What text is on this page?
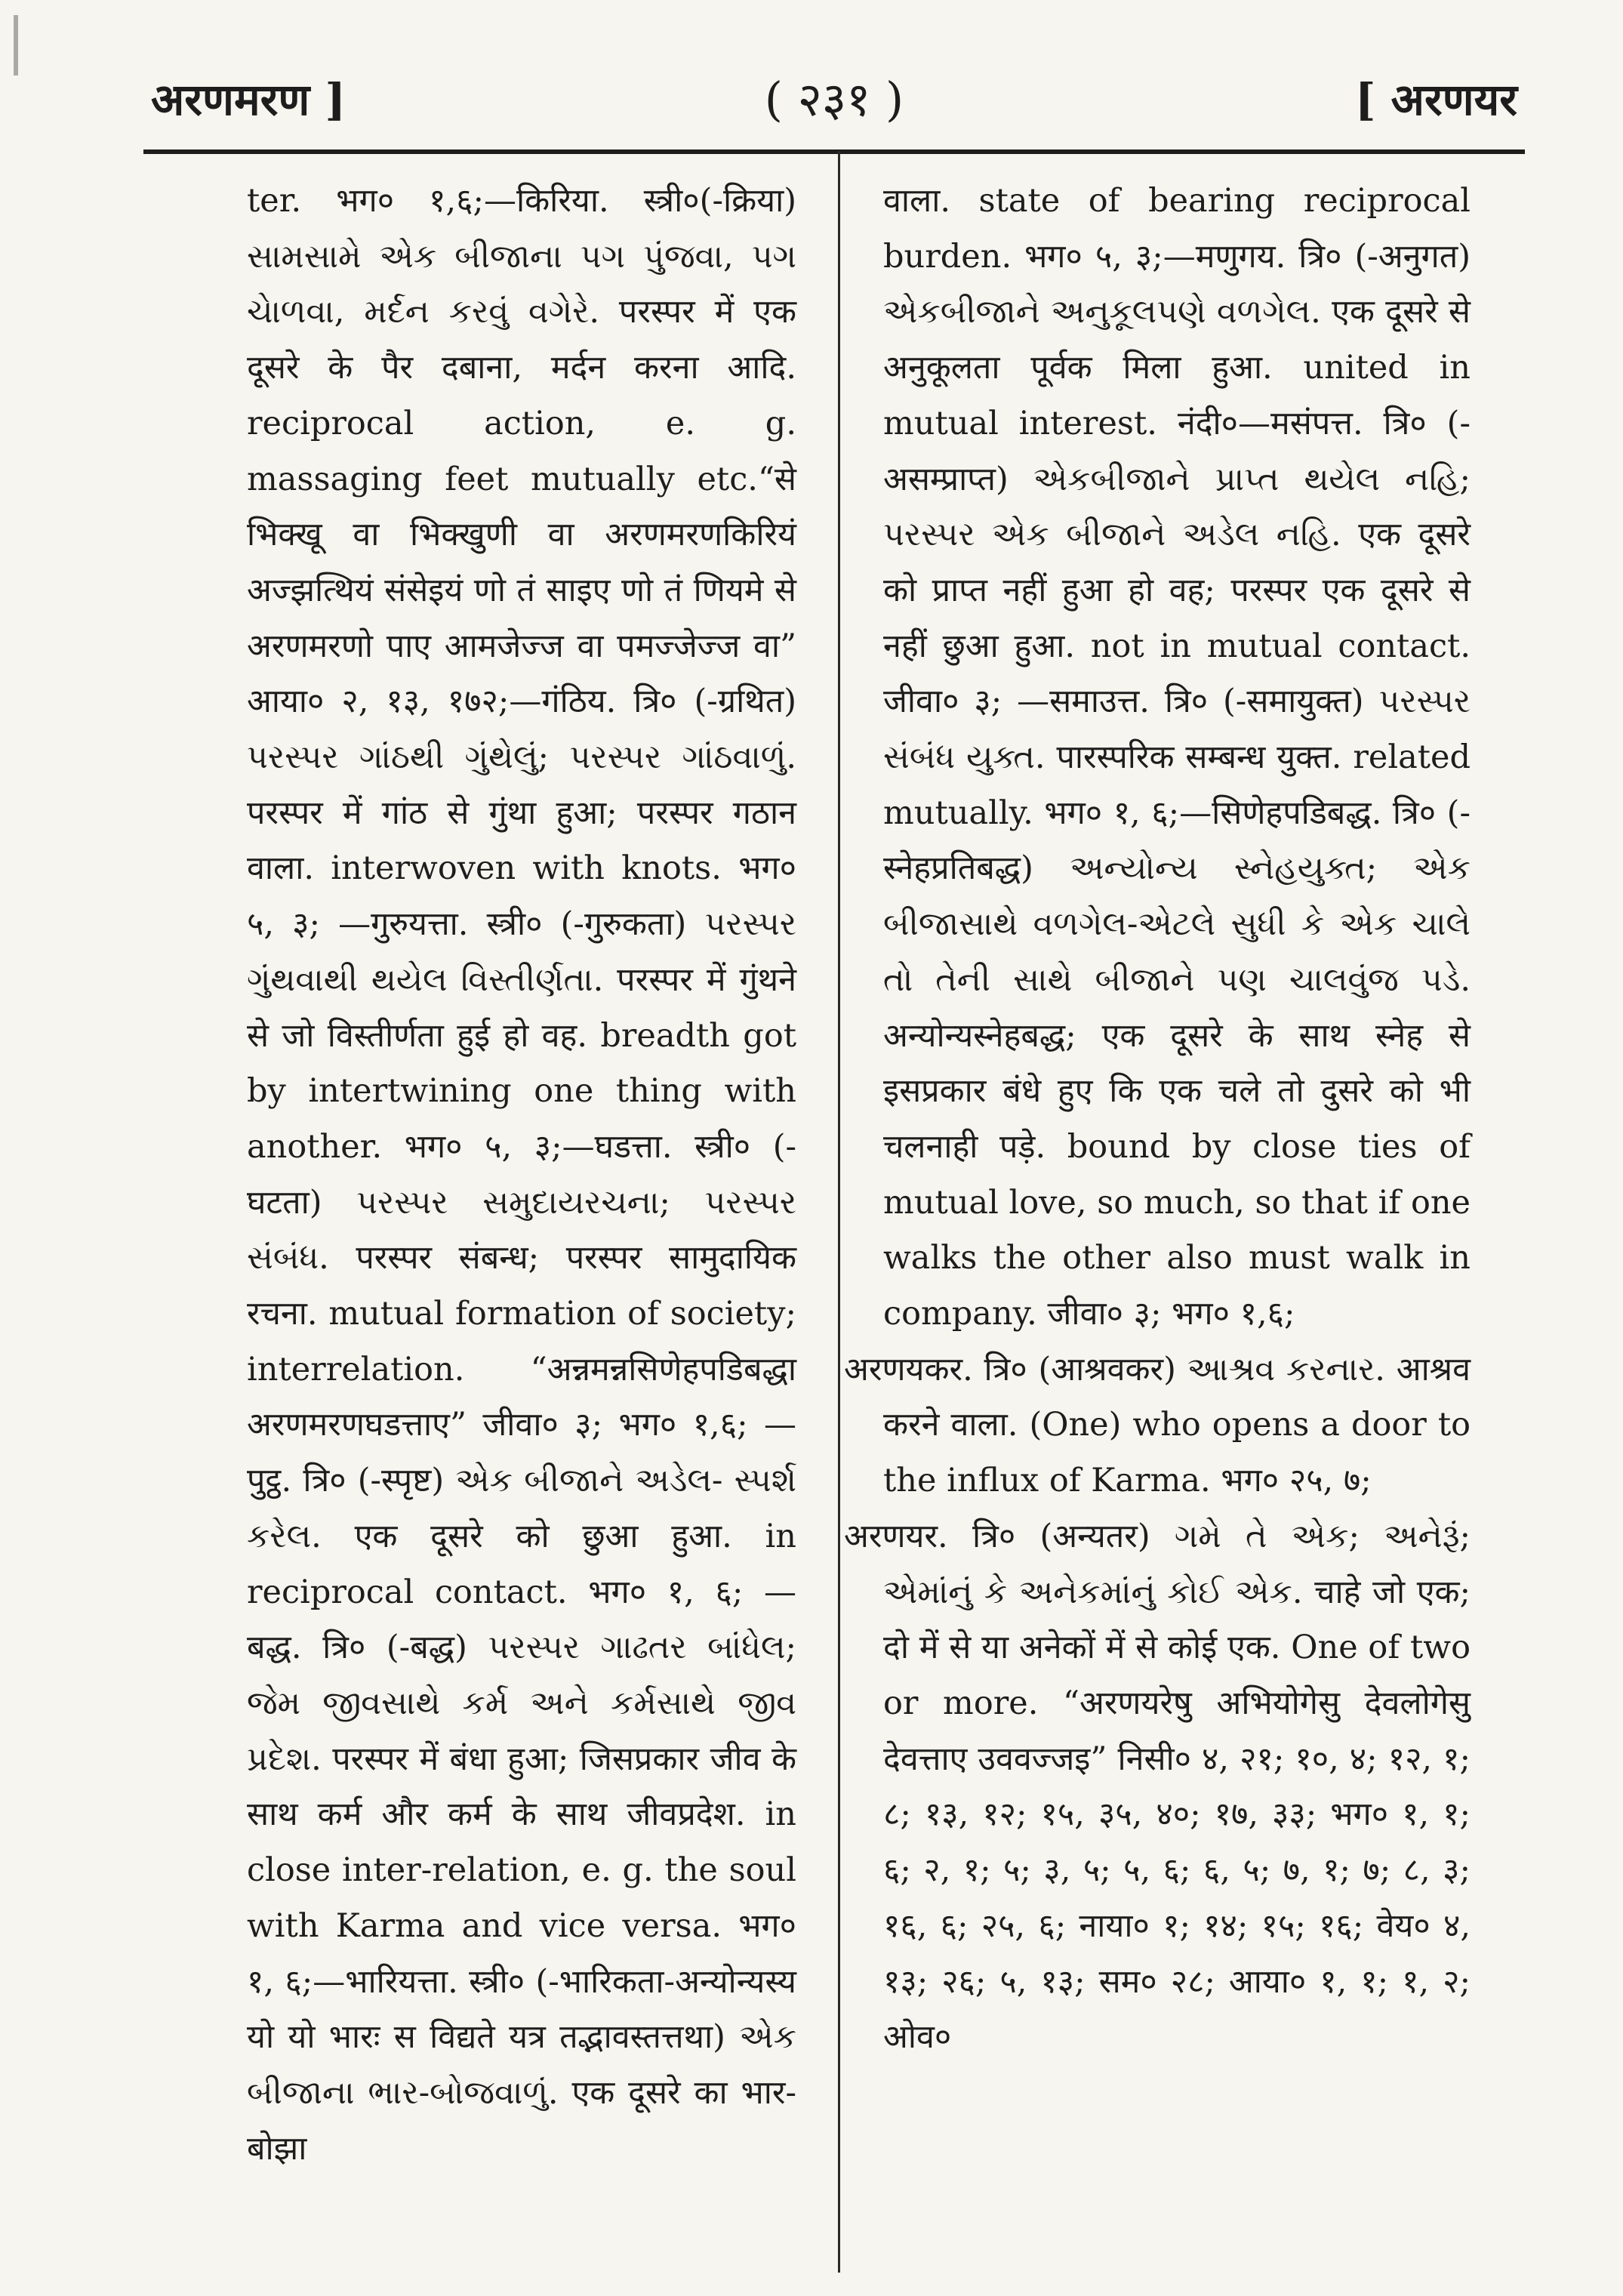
अरणमरण ]	( २३१ )	[ अरणयर

ter. भग० १,६;—किरिया. स्त्री०(-क्रिया) સામસામે એક બીજાના પગ પુંજવા, પગ ચેાળવા, મર્દન કરવું વગેરે. परस्पर में एक दूसरे के पैर दबाना, मर्दन करना आदि. reciprocal action, e. g. massaging feet mutually etc.“से भिक्खू वा भिक्खुणी वा अरणमरणकिरियं अज्झत्थियं संसेइयं णो तं साइए णो तं णियमे से अरणमरणो पाए आमजेज्ज वा पमज्जेज्ज वा” आया० २, १३, १७२;—गंठिय. त्रि० (-ग्रथित) પરસ્પર ગાંઠથી ગુંથેલું; પરસ્પર ગાંઠવાળું. परस्पर में गांठ से गुंथा हुआ; परस्पर गठान वाला. interwoven with knots. भग० ५, ३; —गुरुयत्ता. स्त्री० (-गुरुकता) પરસ્પર ગુંથવાથી થયેલ વિસ્તીર્ણતા. परस्पर में गुंथने से जो विस्तीर्णता हुई हो वह. breadth got by intertwining one thing with another. भग० ५, ३;—घडत्ता. स्त्री० (-घटता) પરસ્પર સમુદાયરચના; પરસ્પર સંબંધ. परस्पर संबन्ध; परस्पर सामुदायिक रचना. mutual formation of society; interrelation. “अन्नमन्नसिणेहपडिबद्धा अरणमरणघडत्ताए” जीवा० ३; भग० १,६; —पुट्ठ. त्रि० (-स्पृष्ट) એક બીજાને અડેલ- સ્પર્શ કરેલ. एक दूसरे को छुआ हुआ. in reciprocal contact. भग० १, ६; —बद्ध. त्रि० (-बद्ध) પરસ્પર ગાઢતર બાંધેલ; જેમ જીવસાથે કર્મ અને કર્મસાથે જીવ પ્રદેશ. परस्पर में बंधा हुआ; जिसप्रकार जीव के साथ कर्म और कर्म के साथ जीवप्रदेश. in close inter-relation, e. g. the soul with Karma and vice versa. भग० १, ६;—भारियत्ता. स्त्री० (-भारिकता-अन्योन्यस्य यो यो भारः स विद्यते यत्र तद्भावस्तत्तथा) એક બીજાના ભાર-બોજવાળું. एक दूसरे का भार-बोझा

वाला. state of bearing reciprocal burden. भग० ५, ३;—मणुगय. त्रि० (-अनुगत) એકબીજાને અનુકૂલપણે વળગેલ. एक दूसरे से अनुकूलता पूर्वक मिला हुआ. united in mutual interest. नंदी०—मसंपत्त. त्रि० (-असम्प्राप्त) એકબીજાને પ્રાપ્ત થયેલ નહિ; પરસ્પર એક બીજાને અડેલ નહિ. एक दूसरे को प्राप्त नहीं हुआ हो वह; परस्पर एक दूसरे से नहीं छुआ हुआ. not in mutual contact. जीवा० ३; —समाउत्त. त्रि० (-समायुक्त) પરસ્પર સંબંધ યુક્ત. पारस्परिक सम्बन्ध युक्त. related mutually. भग० १, ६;—सिणेहपडिबद्ध. त्रि० (-स्नेहप्रतिबद्ध) અન્યોન્ય સ્નેહયુક્ત; એક બીજાસાથે વળગેલ-એટલે સુધી કે એક ચાલે તો તેની સાથે બીજાને પણ ચાલવુંજ પડે. अन्योन्यस्नेहबद्ध; एक दूसरे के साथ स्नेह से इसप्रकार बंधे हुए कि एक चले तो दुसरे को भी चलनाही पड़े. bound by close ties of mutual love, so much, so that if one walks the other also must walk in company. जीवा० ३; भग० १,६;

अरणयकर. त्रि० (आश्रवकर) આશ્રવ કરનાર. आश्रव करने वाला. (One) who opens a door to the influx of Karma. भग० २५, ७;

अरणयर. त्रि० (अन्यतर) ગમે તે એક; અનેરૂં; એમાંનું કે અનેકમાંનું કોઈ એક. चाहे जो एक; दो में से या अनेकों में से कोई एक. One of two or more. “अरणयरेषु अभियोगेसु देवलोगेसु देवत्ताए उववज्जइ” निसी० ४, २१; १०, ४; १२, १; ८; १३, १२; १५, ३५, ४०; १७, ३३; भग० १, १; ६; २, १; ५; ३, ५; ५, ६; ६, ५; ७, १; ७; ८, ३; १६, ६; २५, ६; नाया० १; १४; १५; १६; वेय० ४, १३; २६; ५, १३; सम० २८; आया० १, १; १, २; ओव०
